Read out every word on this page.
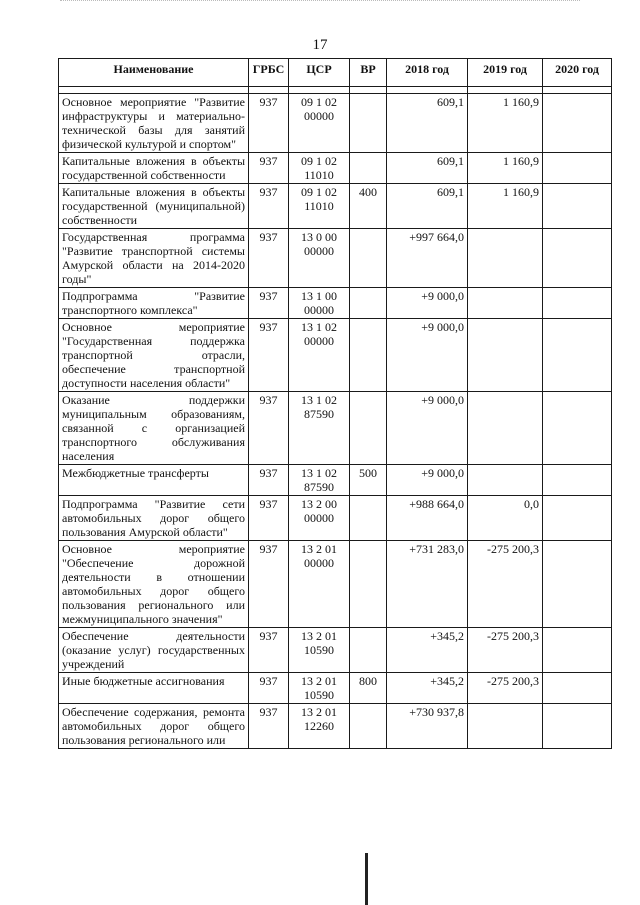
17
Наименование	ГРБС	ЦСР	ВР	2018 год	2019 год	2020 год

Основное мероприятие "Развитие инфраструктуры и материально-технической базы для занятий физической культурой и спортом"	937	09 1 02 00000		609,1	1 160,9	
Капитальные вложения в объекты государственной собственности	937	09 1 02 11010		609,1	1 160,9	
Капитальные вложения в объекты государственной (муниципальной) собственности	937	09 1 02 11010	400	609,1	1 160,9	
Государственная программа "Развитие транспортной системы Амурской области на 2014-2020 годы"	937	13 0 00 00000		+997 664,0		
Подпрограмма "Развитие транспортного комплекса"	937	13 1 00 00000		+9 000,0		
Основное мероприятие "Государственная поддержка транспортной отрасли, обеспечение транспортной доступности населения области"	937	13 1 02 00000		+9 000,0		
Оказание поддержки муниципальным образованиям, связанной с организацией транспортного обслуживания населения	937	13 1 02 87590		+9 000,0		
Межбюджетные трансферты	937	13 1 02 87590	500	+9 000,0		
Подпрограмма "Развитие сети автомобильных дорог общего пользования Амурской области"	937	13 2 00 00000		+988 664,0	0,0	
Основное мероприятие "Обеспечение дорожной деятельности в отношении автомобильных дорог общего пользования регионального или межмуниципального значения"	937	13 2 01 00000		+731 283,0	-275 200,3	
Обеспечение деятельности (оказание услуг) государственных учреждений	937	13 2 01 10590		+345,2	-275 200,3	
Иные бюджетные ассигнования	937	13 2 01 10590	800	+345,2	-275 200,3	
Обеспечение содержания, ремонта автомобильных дорог общего пользования регионального или	937	13 2 01 12260		+730 937,8		
